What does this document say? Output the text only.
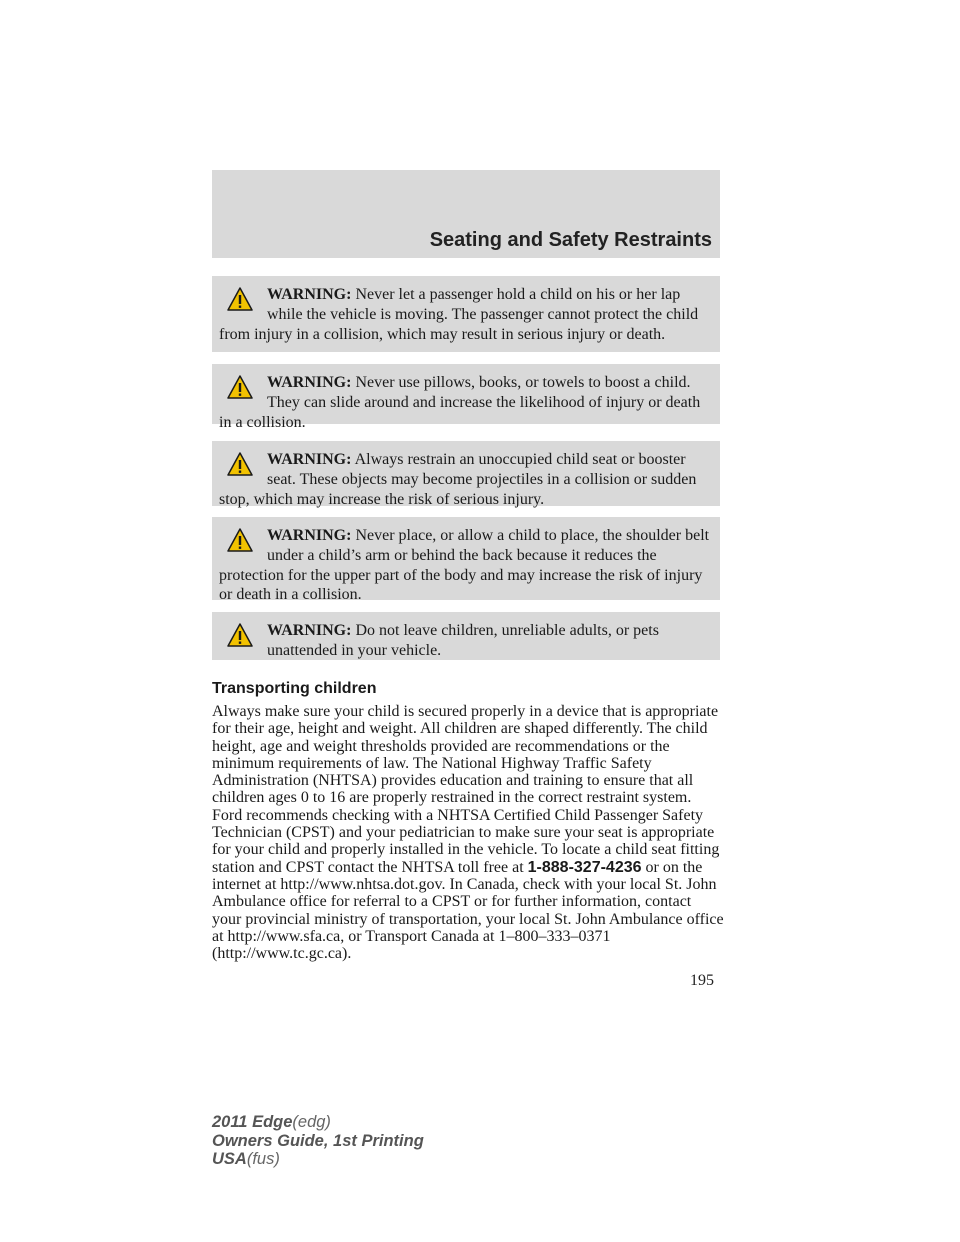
Seating and Safety Restraints
WARNING: Never let a passenger hold a child on his or her lap while the vehicle is moving. The passenger cannot protect the child from injury in a collision, which may result in serious injury or death.
WARNING: Never use pillows, books, or towels to boost a child. They can slide around and increase the likelihood of injury or death in a collision.
WARNING: Always restrain an unoccupied child seat or booster seat. These objects may become projectiles in a collision or sudden stop, which may increase the risk of serious injury.
WARNING: Never place, or allow a child to place, the shoulder belt under a child’s arm or behind the back because it reduces the protection for the upper part of the body and may increase the risk of injury or death in a collision.
WARNING: Do not leave children, unreliable adults, or pets unattended in your vehicle.
Transporting children
Always make sure your child is secured properly in a device that is appropriate for their age, height and weight. All children are shaped differently. The child height, age and weight thresholds provided are recommendations or the minimum requirements of law. The National Highway Traffic Safety Administration (NHTSA) provides education and training to ensure that all children ages 0 to 16 are properly restrained in the correct restraint system. Ford recommends checking with a NHTSA Certified Child Passenger Safety Technician (CPST) and your pediatrician to make sure your seat is appropriate for your child and properly installed in the vehicle. To locate a child seat fitting station and CPST contact the NHTSA toll free at 1-888-327-4236 or on the internet at http://www.nhtsa.dot.gov. In Canada, check with your local St. John Ambulance office for referral to a CPST or for further information, contact your provincial ministry of transportation, your local St. John Ambulance office at http://www.sfa.ca, or Transport Canada at 1–800–333–0371 (http://www.tc.gc.ca).
195
2011 Edge(edg)
Owners Guide, 1st Printing
USA(fus)
